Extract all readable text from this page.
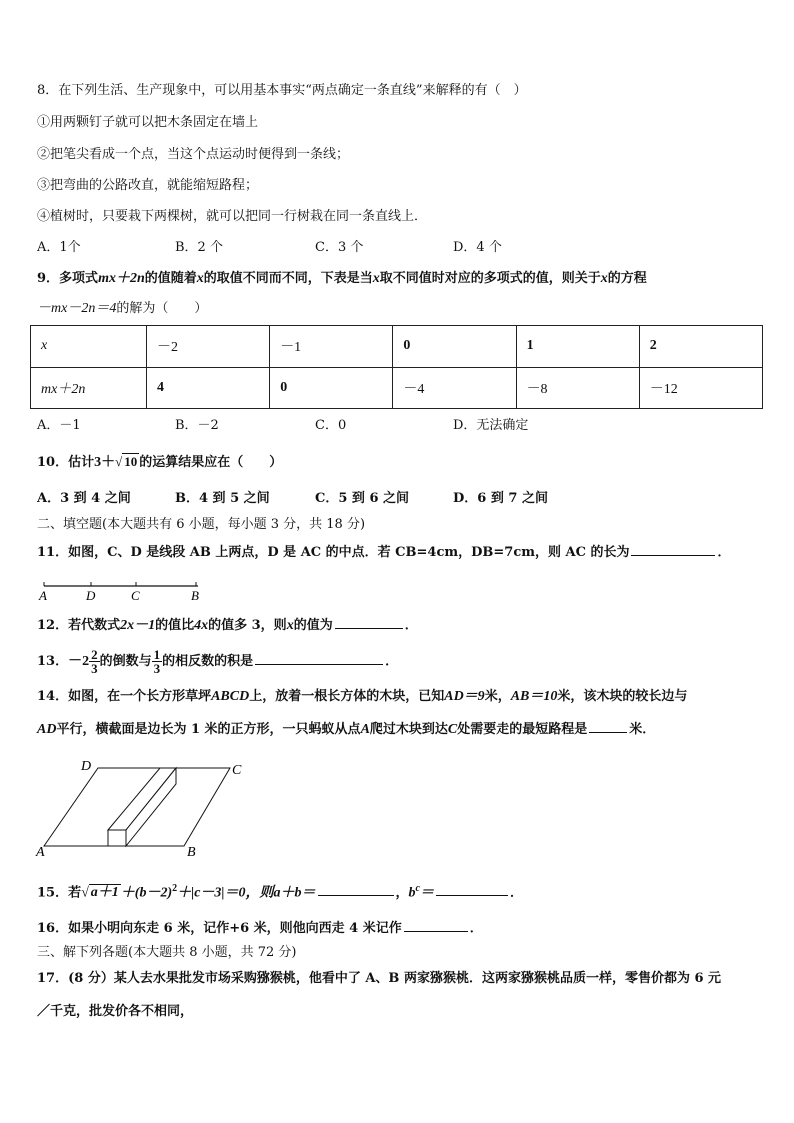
8．在下列生活、生产现象中，可以用基本事实“两点确定一条直线”来解释的有（　）
①用两颗钉子就可以把木条固定在墙上
②把笔尖看成一个点，当这个点运动时便得到一条线；
③把弯曲的公路改直，就能缩短路程；
④植树时，只要栽下两棵树，就可以把同一行树栽在同一条直线上．
A．1个	B．2 个	C．3 个	D．4 个
9．多项式mx＋2n的值随着x的取值不同而不同，下表是当x取不同值时对应的多项式的值，则关于x的方程
－mx－2n＝4的解为（　　）
x	－2	－1	0	1	2
mx＋2n	4	0	－4	－8	－12
A．－1	B．－2	C．0	D．无法确定
10．估计3＋√ 10 的运算结果应在（　　）
A．3 到 4 之间	B．4 到 5 之间	C．5 到 6 之间	D．6 到 7 之间
二、填空题(本大题共有 6 小题，每小题 3 分，共 18 分)
11．如图，C、D 是线段 AB 上两点，D 是 AC 的中点．若 CB=4cm，DB=7cm，则 AC 的长为	．
A	D	C	B
12．若代数式2x－1的值比4x的值多 3，则x的值为	．
13．$-2 \frac{2}{3}$ 的倒数与 $\frac{1}{3}$ 的相反数的积是	．
14．如图，在一个长方形草坪ABCD上，放着一根长方体的木块，已知AD＝9米，AB＝10米，该木块的较长边与
AD平行，横截面是边长为 1 米的正方形，一只蚂蚁从点A爬过木块到达C处需要走的最短路程是	米．
D	C
A	B
15．若√ $a+1 +(b-2)^2+|c-3|=0$，则a＋b＝	，$b^c=$	．
16．如果小明向东走 6 米，记作+6 米，则他向西走 4 米记作	．
三、解下列各题(本大题共 8 小题，共 72 分)
17．(8 分）某人去水果批发市场采购猕猴桃，他看中了 A、B 两家猕猴桃．这两家猕猴桃品质一样，零售价都为 6 元
／千克，批发价各不相同，
